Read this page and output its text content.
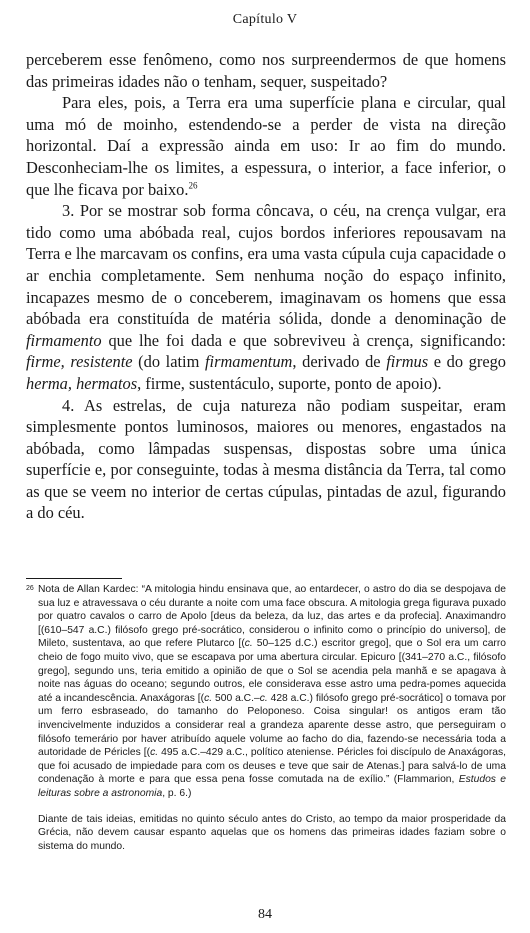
Capítulo V

perceberem esse fenômeno, como nos surpreendermos de que homens das primeiras idades não o tenham, sequer, suspeitado?

Para eles, pois, a Terra era uma superfície plana e circular, qual uma mó de moinho, estendendo-se a perder de vista na direção horizontal. Daí a expressão ainda em uso: Ir ao fim do mundo. Desconheciam-lhe os limites, a espessura, o interior, a face inferior, o que lhe ficava por baixo.$^{26}$

3. Por se mostrar sob forma côncava, o céu, na crença vulgar, era tido como uma abóbada real, cujos bordos inferiores repousavam na Terra e lhe marcavam os confins, era uma vasta cúpula cuja capacidade o ar enchia completamente. Sem nenhuma noção do espaço infinito, incapazes mesmo de o conceberem, imaginavam os homens que essa abóbada era constituída de matéria sólida, donde a denominação de firmamento que lhe foi dada e que sobreviveu à crença, significando: firme, resistente (do latim firmamentum, derivado de firmus e do grego herma, hermatos, firme, sustentáculo, suporte, ponto de apoio).

4. As estrelas, de cuja natureza não podiam suspeitar, eram simplesmente pontos luminosos, maiores ou menores, engastados na abóbada, como lâmpadas suspensas, dispostas sobre uma única superfície e, por conseguinte, todas à mesma distância da Terra, tal como as que se veem no interior de certas cúpulas, pintadas de azul, figurando a do céu.

26 Nota de Allan Kardec: “A mitologia hindu ensinava que, ao entardecer, o astro do dia se despojava de sua luz e atravessava o céu durante a noite com uma face obscura. A mitologia grega figurava puxado por quatro cavalos o carro de Apolo [deus da beleza, da luz, das artes e da profecia]. Anaximandro [(610–547 a.C.) filósofo grego pré-socrático, considerou o infinito como o princípio do universo], de Mileto, sustentava, ao que refere Plutarco [(c. 50–125 d.C.) escritor grego], que o Sol era um carro cheio de fogo muito vivo, que se escapava por uma abertura circular. Epicuro [(341–270 a.C., filósofo grego], segundo uns, teria emitido a opinião de que o Sol se acendia pela manhã e se apagava à noite nas águas do oceano; segundo outros, ele considerava esse astro uma pedra-pomes aquecida até a incandescência. Anaxágoras [(c. 500 a.C.–c. 428 a.C.) filósofo grego pré-socrático] o tomava por um ferro esbraseado, do tamanho do Peloponeso. Coisa singular! os antigos eram tão invencivelmente induzidos a considerar real a grandeza aparente desse astro, que perseguiram o filósofo temerário por haver atribuído aquele volume ao facho do dia, fazendo-se necessária toda a autoridade de Péricles [(c. 495 a.C.–429 a.C., político ateniense. Péricles foi discípulo de Anaxágoras, que foi acusado de impiedade para com os deuses e teve que sair de Atenas.] para salvá-lo de uma condenação à morte e para que essa pena fosse comutada na de exílio.” (Flammarion, Estudos e leituras sobre a astronomia, p. 6.)

Diante de tais ideias, emitidas no quinto século antes do Cristo, ao tempo da maior prosperidade da Grécia, não devem causar espanto aquelas que os homens das primeiras idades faziam sobre o sistema do mundo.

84
